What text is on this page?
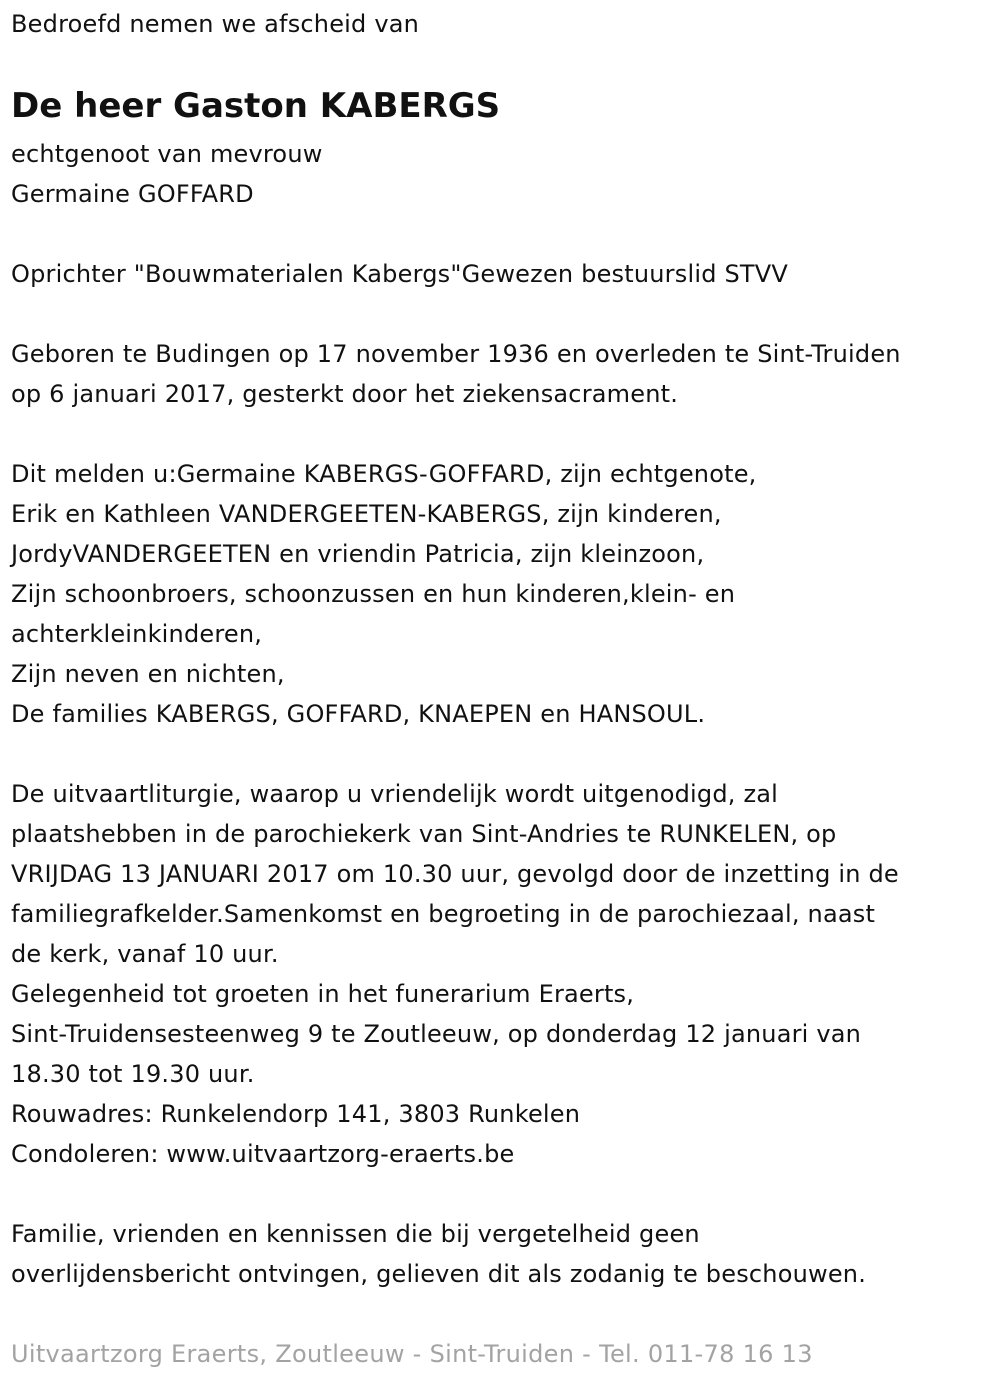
Bedroefd nemen we afscheid van
De heer Gaston KABERGS
echtgenoot van mevrouw
Germaine GOFFARD
Oprichter "Bouwmaterialen Kabergs"Gewezen bestuurslid STVV
Geboren te Budingen op 17 november 1936 en overleden te Sint-Truiden
op 6 januari 2017, gesterkt door het ziekensacrament.
Dit melden u:Germaine KABERGS-GOFFARD, zijn echtgenote,
Erik en Kathleen VANDERGEETEN-KABERGS, zijn kinderen,
JordyVANDERGEETEN en vriendin Patricia, zijn kleinzoon,
Zijn schoonbroers, schoonzussen en hun kinderen,klein- en
achterkleinkinderen,
Zijn neven en nichten,
De families KABERGS, GOFFARD, KNAEPEN en HANSOUL.
De uitvaartliturgie, waarop u vriendelijk wordt uitgenodigd, zal
plaatshebben in de parochiekerk van Sint-Andries te RUNKELEN, op
VRIJDAG 13 JANUARI 2017 om 10.30 uur, gevolgd door de inzetting in de
familiegrafkelder.Samenkomst en begroeting in de parochiezaal, naast
de kerk, vanaf 10 uur.
Gelegenheid tot groeten in het funerarium Eraerts,
Sint-Truidensesteenweg 9 te Zoutleeuw, op donderdag 12 januari van
18.30 tot 19.30 uur.
Rouwadres: Runkelendorp 141, 3803 Runkelen
Condoleren: www.uitvaartzorg-eraerts.be
Familie, vrienden en kennissen die bij vergetelheid geen
overlijdensbericht ontvingen, gelieven dit als zodanig te beschouwen.
Uitvaartzorg Eraerts, Zoutleeuw - Sint-Truiden - Tel. 011-78 16 13
